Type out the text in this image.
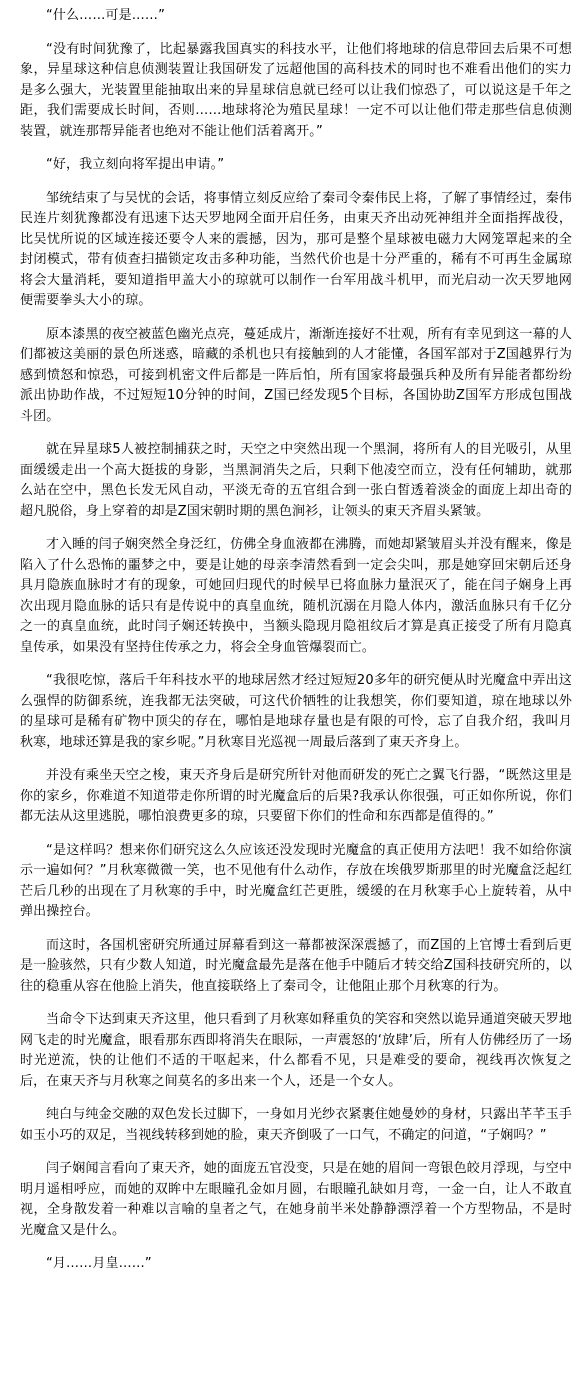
“什么……可是……”

“没有时间犹豫了，比起暴露我国真实的科技水平，让他们将地球的信息带回去后果不可想象，异星球这种信息侦测装置让我国研发了远超他国的高科技术的同时也不难看出他们的实力是多么强大，光装置里能抽取出来的异星球信息就已经可以让我们惊恐了，可以说这是千年之距，我们需要成长时间，否则……地球将沦为殖民星球！一定不可以让他们带走那些信息侦测装置，就连那帮异能者也绝对不能让他们活着离开。”

“好，我立刻向将军提出申请。”

邹统结束了与吴忧的会话，将事情立刻反应给了秦司令秦伟民上将，了解了事情经过，秦伟民连片刻犹豫都没有迅速下达天罗地网全面开启任务，由東天齐出动死神组并全面指挥战役，比吴忧所说的区域连接还要令人来的震撼，因为，那可是整个星球被电磁力大网笼罩起来的全封闭模式，带有侦查扫描锁定攻击多种功能，当然代价也是十分严重的，稀有不可再生金属琼将会大量消耗，要知道指甲盖大小的琼就可以制作一台军用战斗机甲，而光启动一次天罗地网便需要拳头大小的琼。

原本漆黑的夜空被蓝色幽光点亮，蔓延成片，渐渐连接好不壮观，所有有幸见到这一幕的人们都被这美丽的景色所迷惑，暗藏的杀机也只有接触到的人才能懂，各国军部对于Z国越界行为感到愤怒和惊恐，可接到机密文件后都是一阵后怕，所有国家将最强兵种及所有异能者都纷纷派出协助作战，不过短短10分钟的时间，Z国已经发现5个目标，各国协助Z国军方形成包围战斗团。

就在异星球5人被控制捕获之时，天空之中突然出现一个黑洞，将所有人的目光吸引，从里面缓缓走出一个高大挺拔的身影，当黑洞消失之后，只剩下他凌空而立，没有任何辅助，就那么站在空中，黑色长发无风自动，平淡无奇的五官组合到一张白皙透着淡金的面庞上却出奇的超凡脱俗，身上穿着的却是Z国宋朝时期的黑色涧衫，让领头的東天齐眉头紧皱。

才入睡的闫子娴突然全身泛红，仿佛全身血液都在沸腾，而她却紧皱眉头并没有醒来，像是陷入了什么恐怖的噩梦之中，要是让她的母亲李清然看到一定会尖叫，那是她穿回宋朝后还身具月隐族血脉时才有的现象，可她回归现代的时候早已将血脉力量泯灭了，能在闫子娴身上再次出现月隐血脉的话只有是传说中的真皇血统，随机沉溺在月隐人体内，激活血脉只有千亿分之一的真皇血统，此时闫子娴还转换中，当额头隐现月隐祖纹后才算是真正接受了所有月隐真皇传承，如果没有坚持住传承之力，将会全身血管爆裂而亡。

“我很吃惊，落后千年科技水平的地球居然才经过短短20多年的研究便从时光魔盒中弄出这么强悍的防御系统，连我都无法突破，可这代价牺牲的让我想笑，你们要知道，琼在地球以外的星球可是稀有矿物中顶尖的存在，哪怕是地球存量也是有限的可怜，忘了自我介绍，我叫月秋寒，地球还算是我的家乡呢。”月秋寒目光巡视一周最后落到了東天齐身上。

并没有乘坐天空之梭，東天齐身后是研究所针对他而研发的死亡之翼飞行器，“既然这里是你的家乡，你难道不知道带走你所谓的时光魔盒后的后果?我承认你很强，可正如你所说，你们都无法从这里逃脱，哪怕浪费更多的琼，只要留下你们的性命和东西都是值得的。”

“是这样吗？想来你们研究这么久应该还没发现时光魔盒的真正使用方法吧！我不如给你演示一遍如何？”月秋寒微微一笑，也不见他有什么动作，存放在埃俄罗斯那里的时光魔盒泛起红芒后几秒的出现在了月秋寒的手中，时光魔盒红芒更胜，缓缓的在月秋寒手心上旋转着，从中弹出操控台。

而这时，各国机密研究所通过屏幕看到这一幕都被深深震撼了，而Z国的上官博士看到后更是一脸骇然，只有少数人知道，时光魔盒最先是落在他手中随后才转交给Z国科技研究所的，以往的稳重从容在他脸上消失，他直接联络上了秦司令，让他阻止那个月秋寒的行为。

当命令下达到東天齐这里，他只看到了月秋寒如释重负的笑容和突然以诡异通道突破天罗地网飞走的时光魔盒，眼看那东西即将消失在眼际，一声震怒的‘放肆’后，所有人仿佛经历了一场时光逆流，快的让他们不适的干呕起来，什么都看不见，只是难受的要命，视线再次恢复之后，在東天齐与月秋寒之间莫名的多出来一个人，还是一个女人。

纯白与纯金交融的双色发长过脚下，一身如月光纱衣紧裹住她曼妙的身材，只露出芊芊玉手如玉小巧的双足，当视线转移到她的脸，東天齐倒吸了一口气，不确定的问道，“子娴吗？”

闫子娴闻言看向了東天齐，她的面庞五官没变，只是在她的眉间一弯银色皎月浮现，与空中明月遥相呼应，而她的双眸中左眼瞳孔金如月圆，右眼瞳孔缺如月弯，一金一白，让人不敢直视，全身散发着一种难以言喻的皇者之气，在她身前半米处静静漂浮着一个方型物品，不是时光魔盒又是什么。

“月……月皇……”
